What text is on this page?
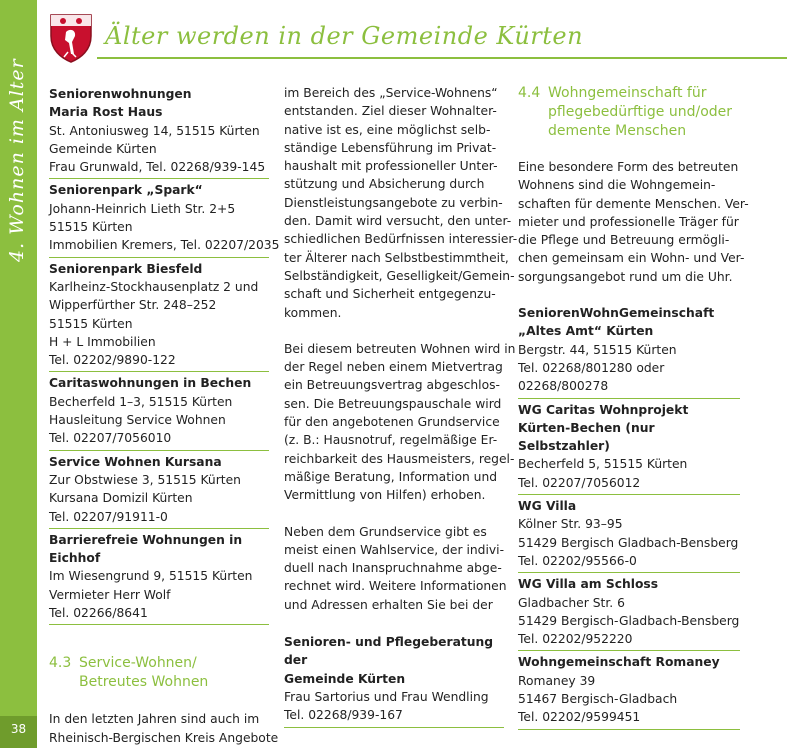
38
Älter werden in der Gemeinde Kürten
Seniorenwohnungen
Maria Rost Haus
St. Antoniusweg 14, 51515 Kürten
Gemeinde Kürten
Frau Grunwald, Tel. 02268/939-145
Seniorenpark „Spark“
Johann-Heinrich Lieth Str. 2+5
51515 Kürten
Immobilien Kremers, Tel. 02207/2035
Seniorenpark Biesfeld
Karlheinz-Stockhausenplatz 2 und
Wipperfürther Str. 248–252
51515 Kürten
H + L Immobilien
Tel. 02202/9890-122
Caritaswohnungen in Bechen
Becherfeld 1–3, 51515 Kürten
Hausleitung Service Wohnen
Tel. 02207/7056010
Service Wohnen Kursana
Zur Obstwiese 3, 51515 Kürten
Kursana Domizil Kürten
Tel. 02207/91911-0
Barrierefreie Wohnungen in Eichhof
Im Wiesengrund 9, 51515 Kürten
Vermieter Herr Wolf
Tel. 02266/8641
4.3 Service-Wohnen/
Betreutes Wohnen
In den letzten Jahren sind auch im
Rheinisch-Bergischen Kreis Angebote
im Bereich des „Service-Wohnens“
entstanden. Ziel dieser Wohnalter-
native ist es, eine möglichst selb-
ständige Lebensführung im Privat-
haushalt mit professioneller Unter-
stützung und Absicherung durch
Dienstleistungsangebote zu verbin-
den. Damit wird versucht, den unter-
schiedlichen Bedürfnissen interessier-
ter Älterer nach Selbstbestimmtheit,
Selbständigkeit, Geselligkeit/Gemein-
schaft und Sicherheit entgegenzu-
kommen.
Bei diesem betreuten Wohnen wird in
der Regel neben einem Mietvertrag
ein Betreuungsvertrag abgeschlos-
sen. Die Betreuungspauschale wird
für den angebotenen Grundservice
(z. B.: Hausnotruf, regelmäßige Er-
reichbarkeit des Hausmeisters, regel-
mäßige Beratung, Information und
Vermittlung von Hilfen) erhoben.
Neben dem Grundservice gibt es
meist einen Wahlservice, der indivi-
duell nach Inanspruchnahme abge-
rechnet wird. Weitere Informationen
und Adressen erhalten Sie bei der
Senioren- und Pflegeberatung der
Gemeinde Kürten
Frau Sartorius und Frau Wendling
Tel. 02268/939-167
4.4 Wohngemeinschaft für
pflegebedürftige und/oder
demente Menschen
Eine besondere Form des betreuten
Wohnens sind die Wohngemein-
schaften für demente Menschen. Ver-
mieter und professionelle Träger für
die Pflege und Betreuung ermögli-
chen gemeinsam ein Wohn- und Ver-
sorgungsangebot rund um die Uhr.
SeniorenWohnGemeinschaft
„Altes Amt“ Kürten
Bergstr. 44, 51515 Kürten
Tel. 02268/801280 oder
02268/800278
WG Caritas Wohnprojekt
Kürten-Bechen (nur Selbstzahler)
Becherfeld 5, 51515 Kürten
Tel. 02207/7056012
WG Villa
Kölner Str. 93–95
51429 Bergisch Gladbach-Bensberg
Tel. 02202/95566-0
WG Villa am Schloss
Gladbacher Str. 6
51429 Bergisch-Gladbach-Bensberg
Tel. 02202/952220
Wohngemeinschaft Romaney
Romaney 39
51467 Bergisch-Gladbach
Tel. 02202/9599451
